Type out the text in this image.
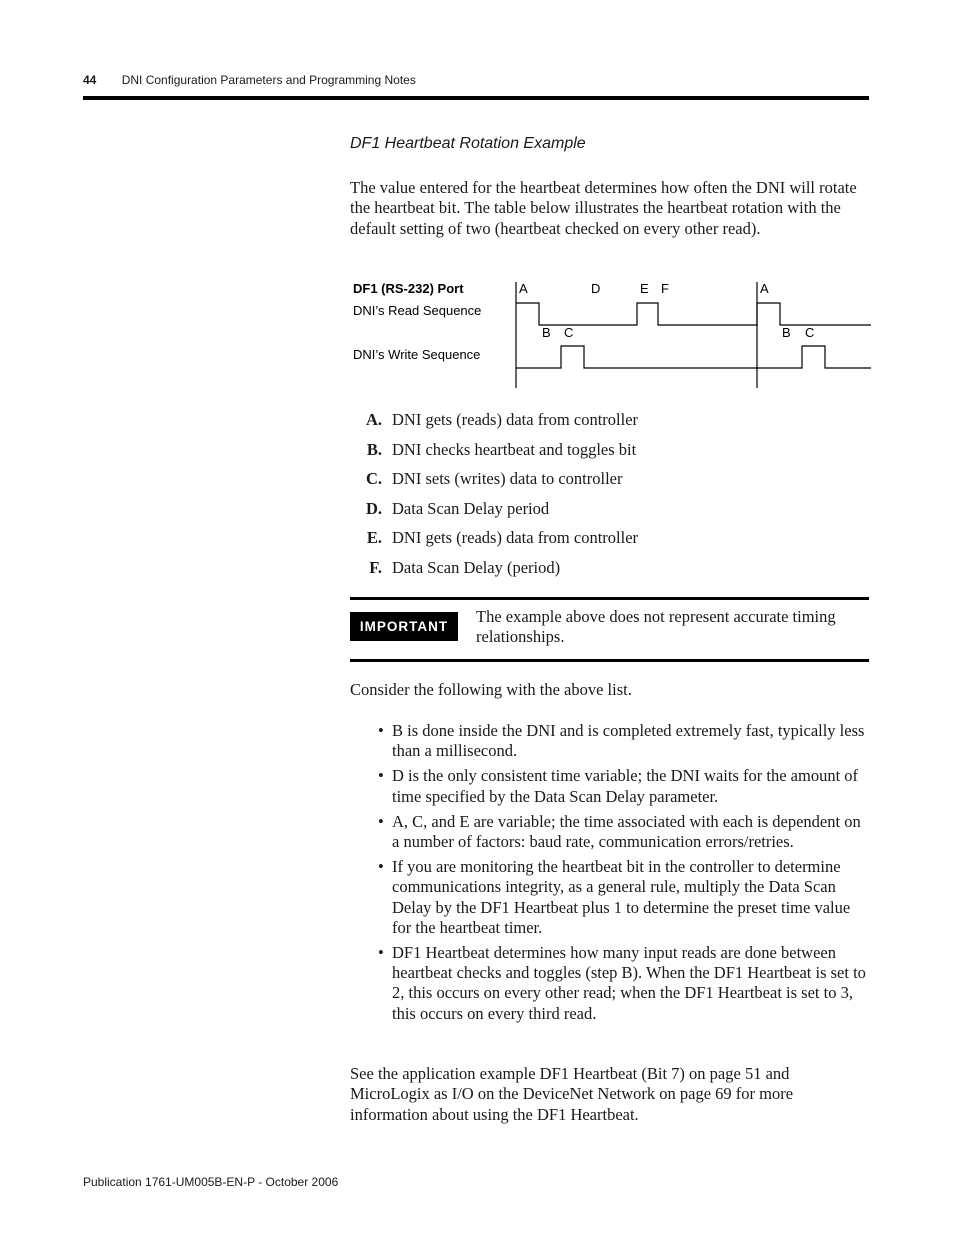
44 DNI Configuration Parameters and Programming Notes
DF1 Heartbeat Rotation Example

The value entered for the heartbeat determines how often the DNI will rotate the heartbeat bit. The table below illustrates the heartbeat rotation with the default setting of two (heartbeat checked on every other read).

DF1 (RS-232) Port
DNI’s Read Sequence
DNI’s Write Sequence
A	D	E F	A
B C	B C
A. DNI gets (reads) data from controller
B. DNI checks heartbeat and toggles bit
C. DNI sets (writes) data to controller
D. Data Scan Delay period
E. DNI gets (reads) data from controller
F. Data Scan Delay (period)
IMPORTANT
The example above does not represent accurate timing relationships.
Consider the following with the above list.
• B is done inside the DNI and is completed extremely fast, typically less than a millisecond.
• D is the only consistent time variable; the DNI waits for the amount of time specified by the Data Scan Delay parameter.
• A, C, and E are variable; the time associated with each is dependent on a number of factors: baud rate, communication errors/retries.
• If you are monitoring the heartbeat bit in the controller to determine communications integrity, as a general rule, multiply the Data Scan Delay by the DF1 Heartbeat plus 1 to determine the preset time value for the heartbeat timer.
• DF1 Heartbeat determines how many input reads are done between heartbeat checks and toggles (step B). When the DF1 Heartbeat is set to 2, this occurs on every other read; when the DF1 Heartbeat is set to 3, this occurs on every third read.

See the application example DF1 Heartbeat (Bit 7) on page 51 and MicroLogix as I/O on the DeviceNet Network on page 69 for more information about using the DF1 Heartbeat.

Publication 1761-UM005B-EN-P - October 2006
